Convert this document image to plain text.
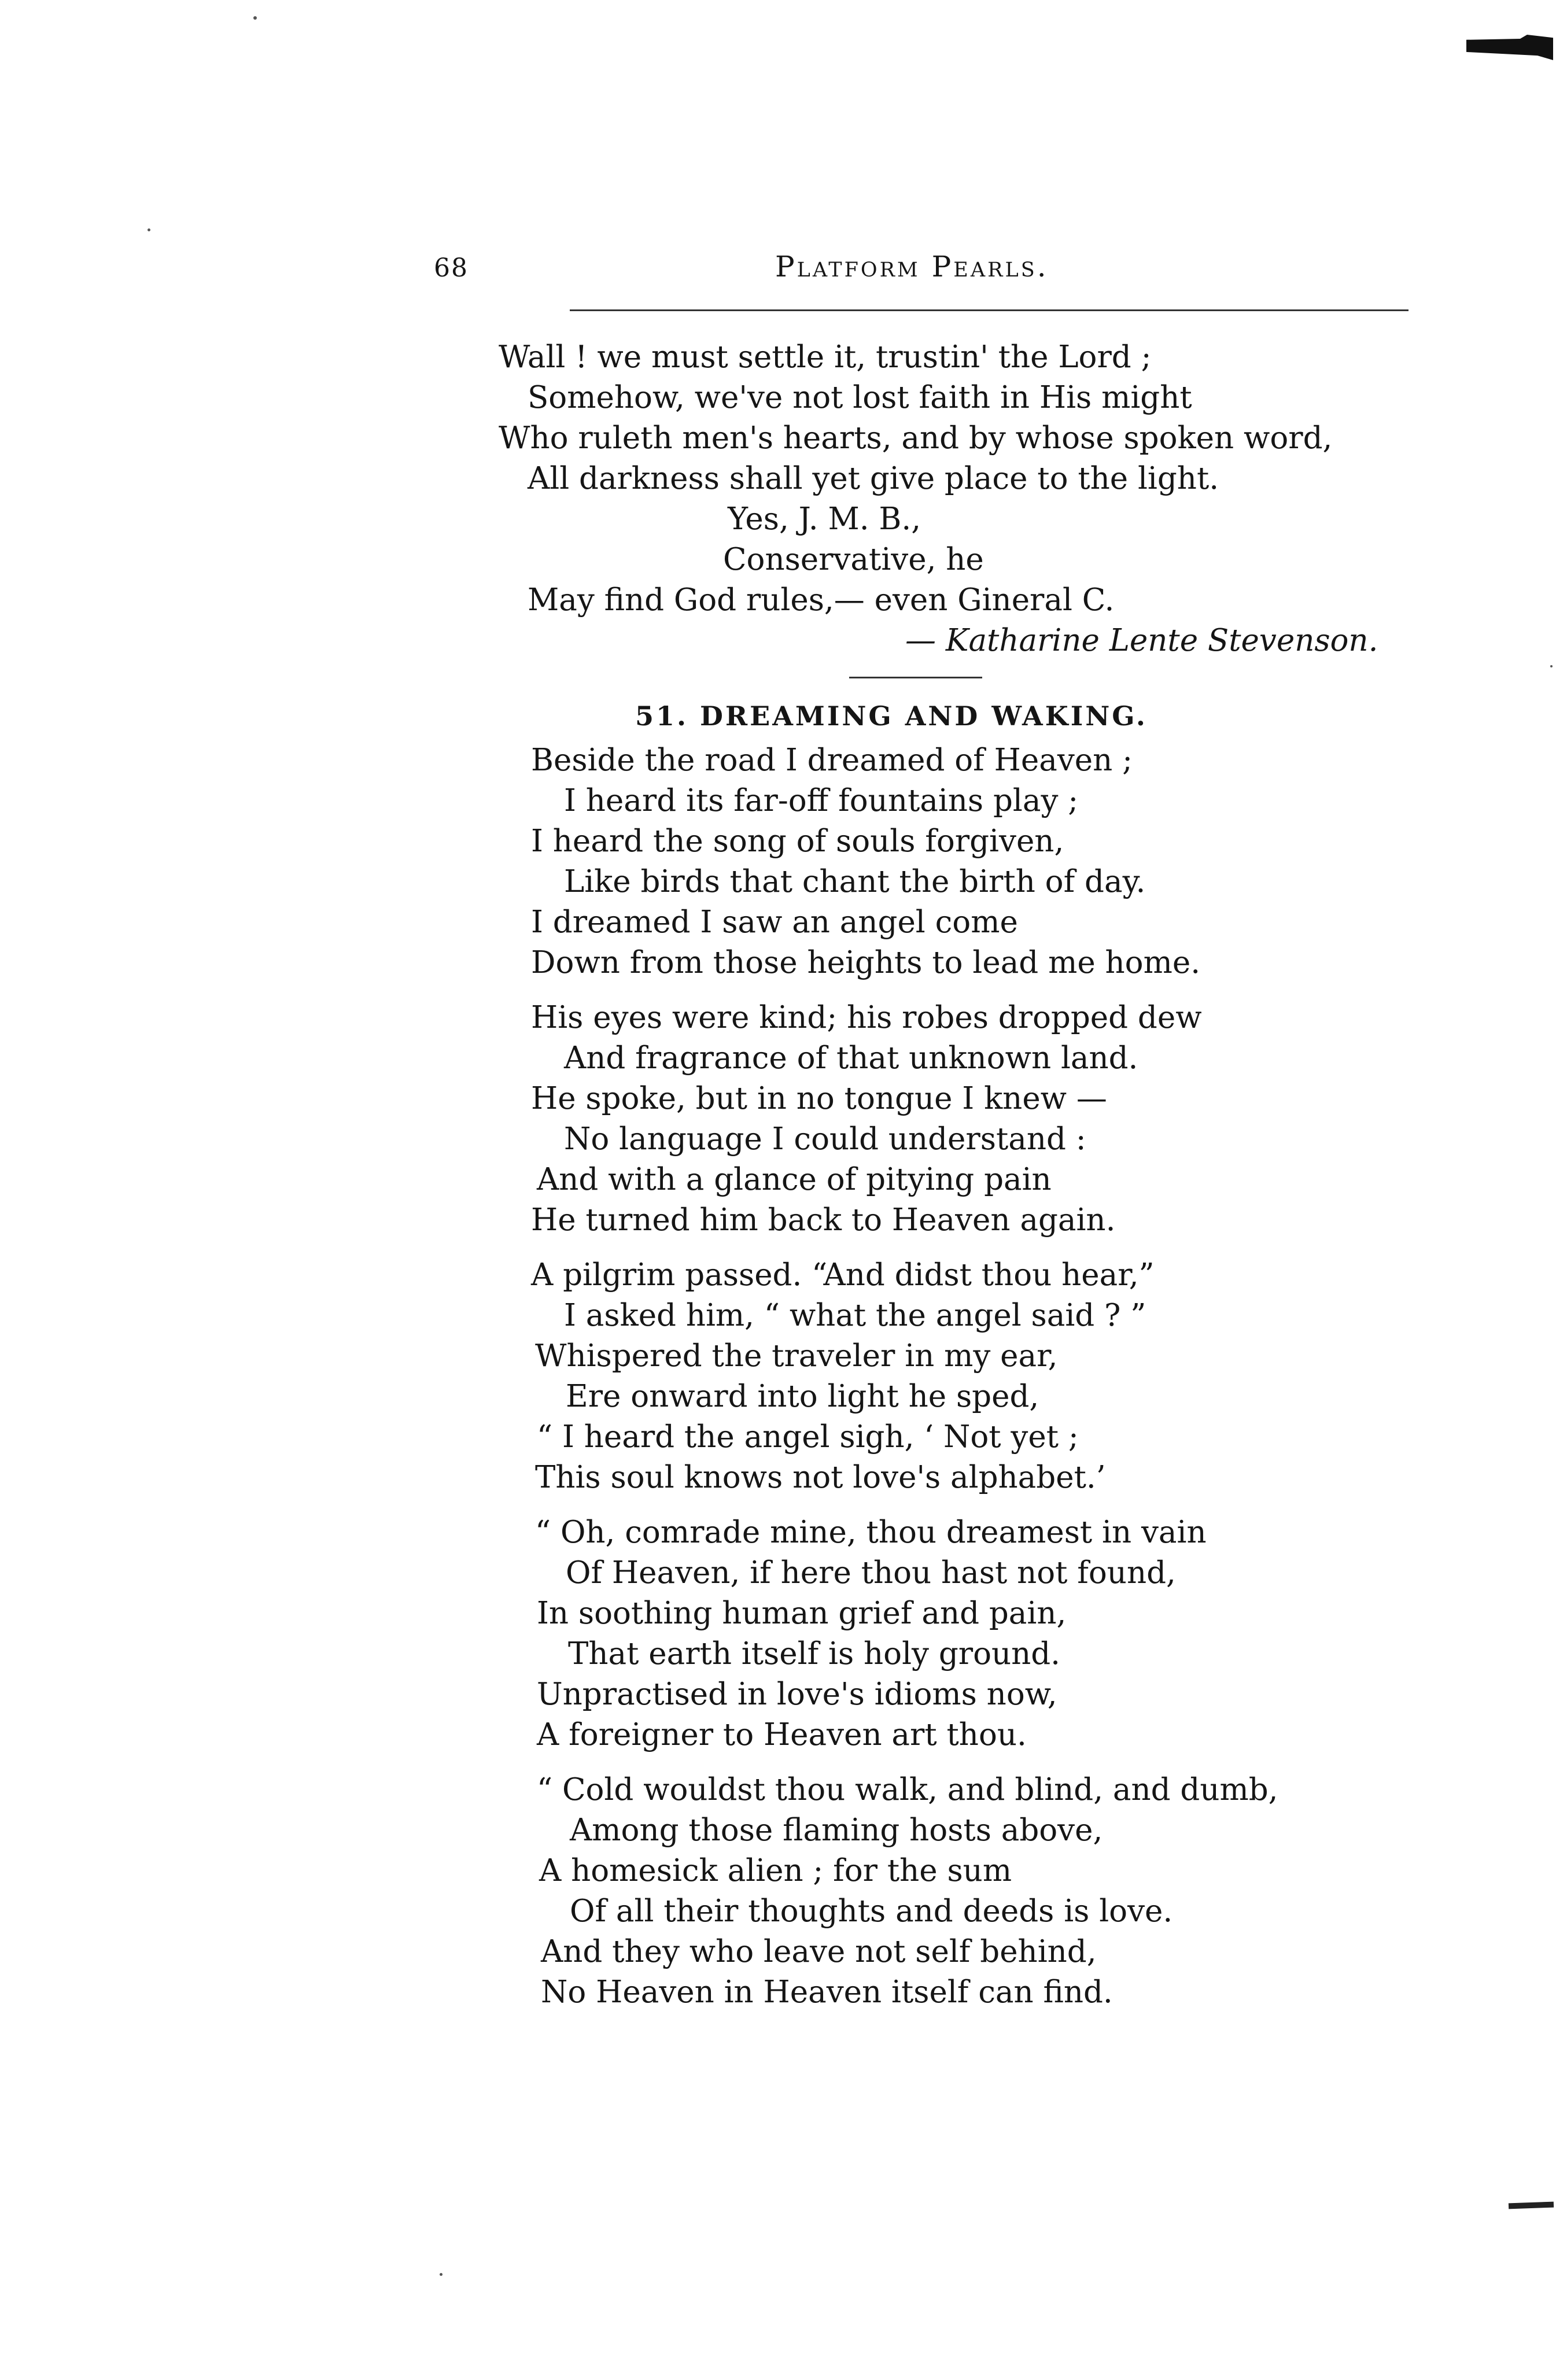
68	Platform Pearls.
Wall ! we must settle it, trustin' the Lord ;
Somehow, we've not lost faith in His might
Who ruleth men's hearts, and by whose spoken word,
All darkness shall yet give place to the light.
Yes, J. M. B.,
Conservative, he
May find God rules,— even Gineral C.
— Katharine Lente Stevenson.
51. DREAMING AND WAKING.
Beside the road I dreamed of Heaven ;
I heard its far-off fountains play ;
I heard the song of souls forgiven,
Like birds that chant the birth of day.
I dreamed I saw an angel come
Down from those heights to lead me home.
His eyes were kind; his robes dropped dew
And fragrance of that unknown land.
He spoke, but in no tongue I knew —
No language I could understand :
And with a glance of pitying pain
He turned him back to Heaven again.
A pilgrim passed. “And didst thou hear,”
I asked him, “ what the angel said ? ”
Whispered the traveler in my ear,
Ere onward into light he sped,
“ I heard the angel sigh, ‘ Not yet ;
This soul knows not love's alphabet.’
“ Oh, comrade mine, thou dreamest in vain
Of Heaven, if here thou hast not found,
In soothing human grief and pain,
That earth itself is holy ground.
Unpractised in love's idioms now,
A foreigner to Heaven art thou.
“ Cold wouldst thou walk, and blind, and dumb,
Among those flaming hosts above,
A homesick alien ; for the sum
Of all their thoughts and deeds is love.
And they who leave not self behind,
No Heaven in Heaven itself can find.
